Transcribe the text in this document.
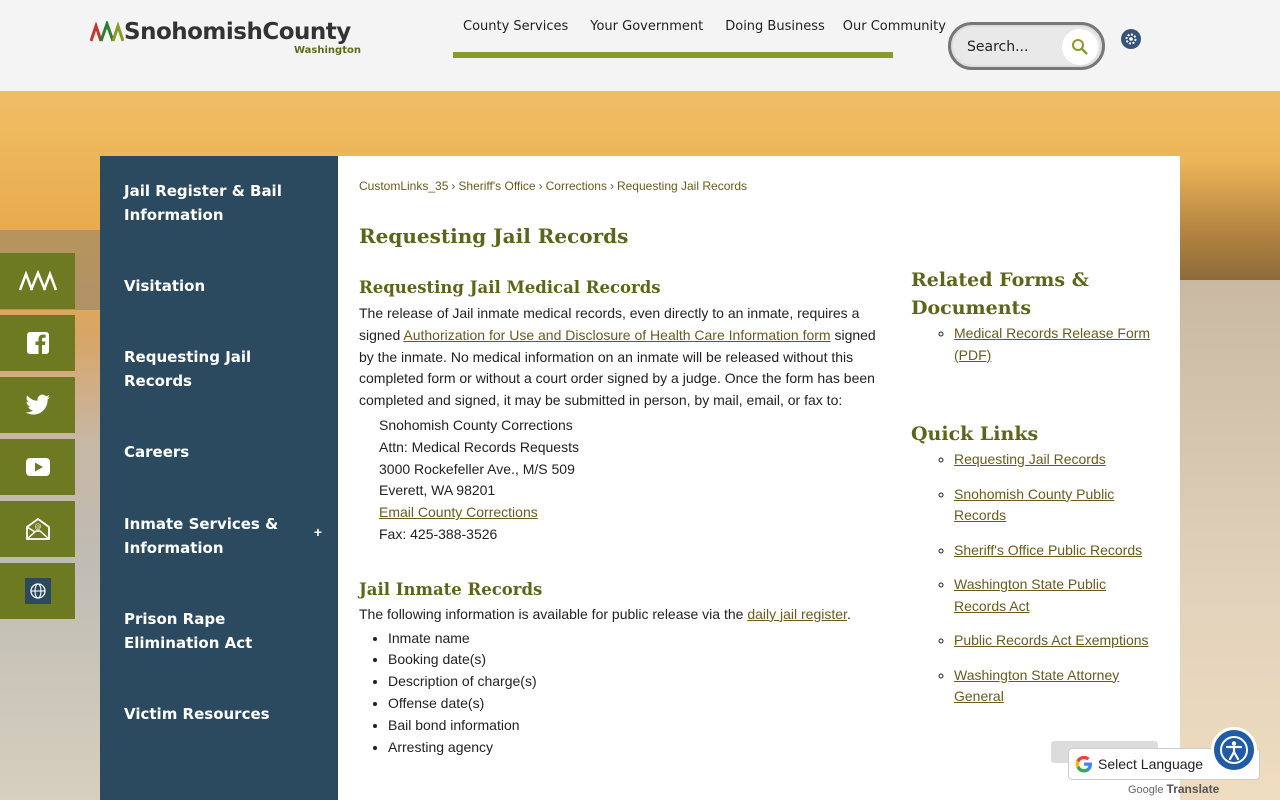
SnohomishCounty
Washington
County Services Your Government Doing Business Our Community
Search...
@
Jail Register & Bail Information
Visitation
Requesting Jail Records
Careers
Inmate Services & Information
+
Prison Rape Elimination Act
Victim Resources
CustomLinks_35 › Sheriff's Office › Corrections › Requesting Jail Records
Requesting Jail Records
Requesting Jail Medical Records

The release of Jail inmate medical records, even directly to an inmate, requires a signed Authorization for Use and Disclosure of Health Care Information form signed by the inmate. No medical information on an inmate will be released without this completed form or without a court order signed by a judge. Once the form has been completed and signed, it may be submitted in person, by mail, email, or fax to:

Snohomish County Corrections
Attn: Medical Records Requests
3000 Rockefeller Ave., M/S 509
Everett, WA 98201
Email County Corrections
Fax: 425-388-3526
Jail Inmate Records

The following information is available for public release via the daily jail register.

• Inmate name
• Booking date(s)
• Description of charge(s)
• Offense date(s)
• Bail bond information
• Arresting agency
Related Forms & Documents
◦ Medical Records Release Form (PDF)
Quick Links
◦ Requesting Jail Records
◦ Snohomish County Public Records
◦ Sheriff's Office Public Records
◦ Washington State Public Records Act
◦ Public Records Act Exemptions
◦ Washington State Attorney General
Select Language
Google Translate
